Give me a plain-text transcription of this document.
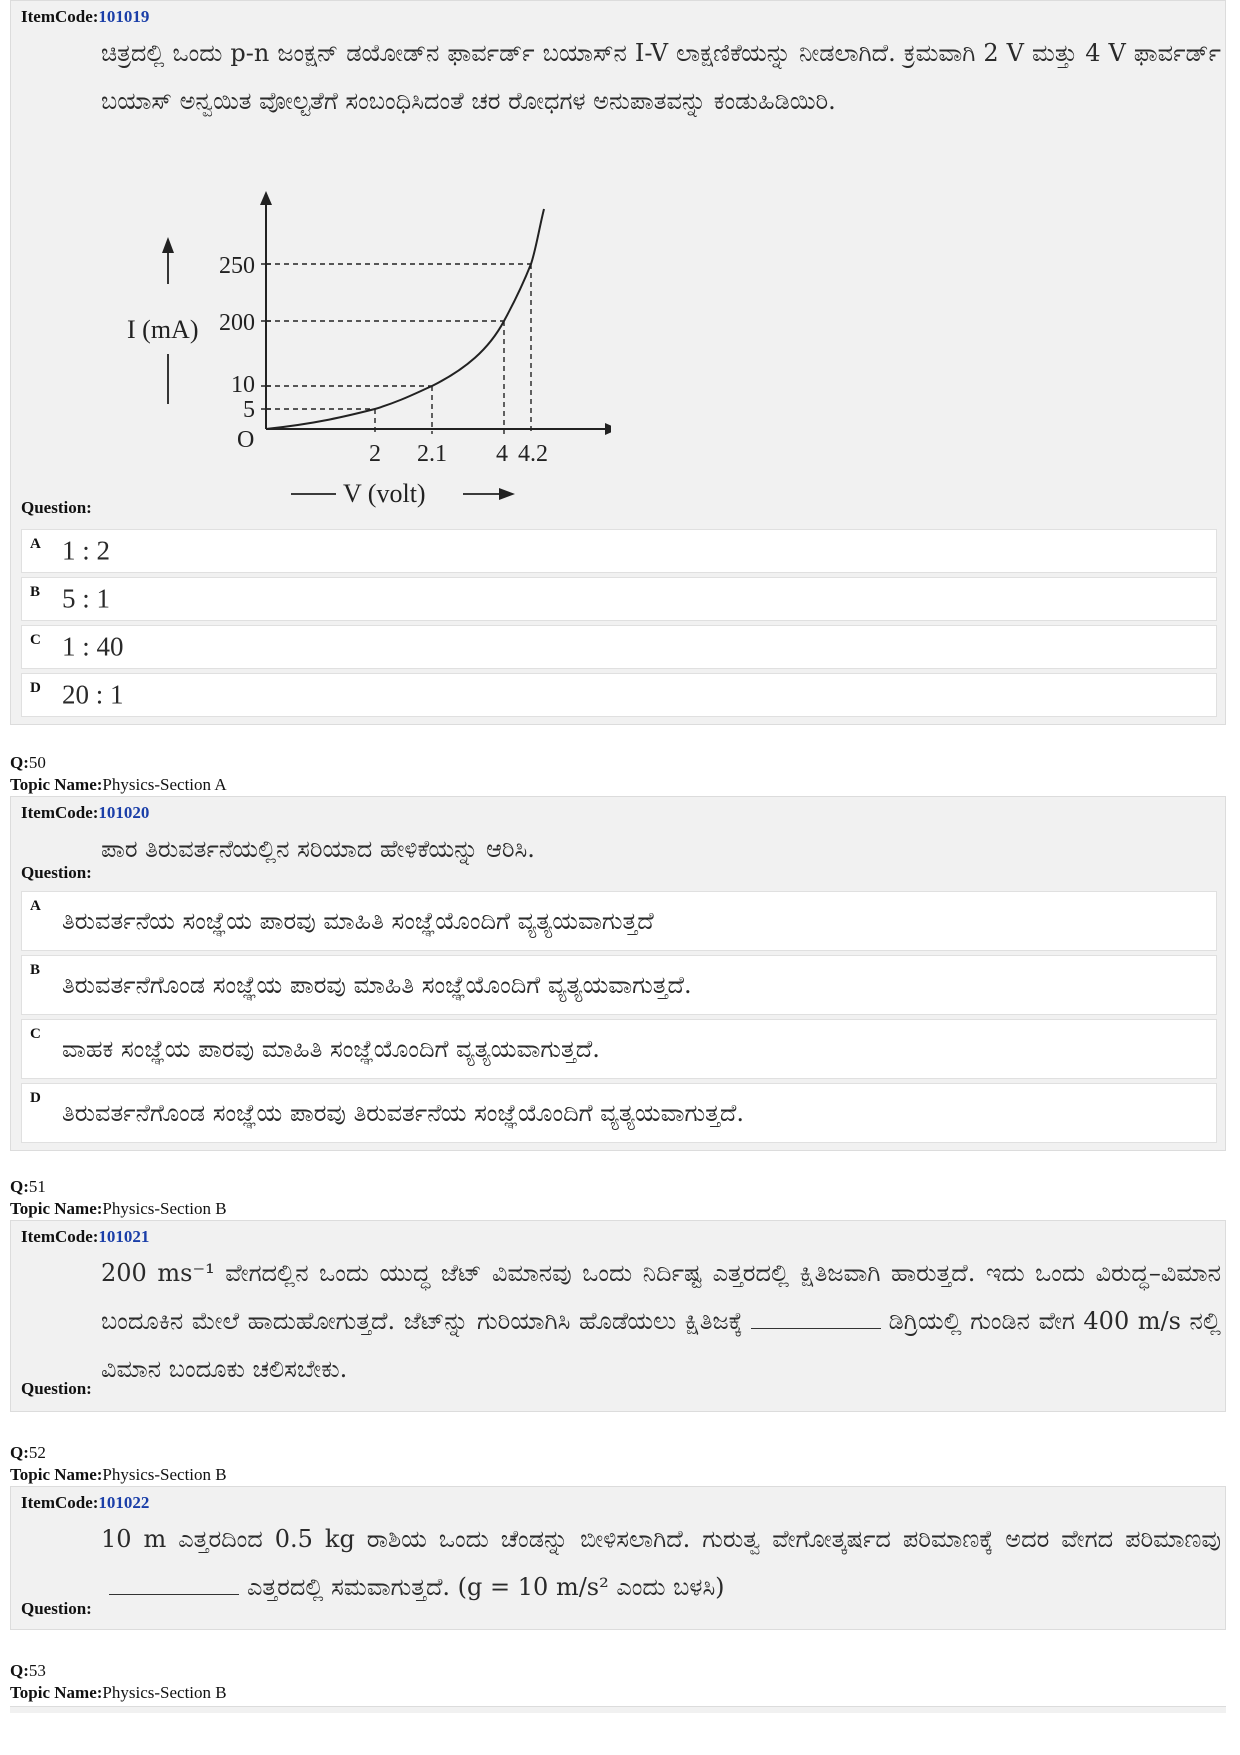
ItemCode:101019
ಚಿತ್ರದಲ್ಲಿ ಒಂದು p-n ಜಂಕ್ಷನ್ ಡಯೋಡ್‌ನ ಫಾರ್ವರ್ಡ್ ಬಯಾಸ್‌ನ I-V ಲಾಕ್ಷಣಿಕೆಯನ್ನು ನೀಡಲಾಗಿದೆ. ಕ್ರಮವಾಗಿ 2 V ಮತ್ತು 4 V ಫಾರ್ವರ್ಡ್ ಬಯಾಸ್ ಅನ್ವಯಿತ ವೋಲ್ಟತೆಗೆ ಸಂಬಂಧಿಸಿದಂತೆ ಚರ ರೋಧಗಳ ಅನುಪಾತವನ್ನು ಕಂಡುಹಿಡಿಯಿರಿ.
250
200
10
5
O
2 2.1 4 4.2
I (mA)
V (volt)
Question:
A 1 : 2
B 5 : 1
C 1 : 40
D 20 : 1
Q:50
Topic Name:Physics-Section A
ItemCode:101020
ಪಾರ ತಿರುವರ್ತನೆಯಲ್ಲಿನ ಸರಿಯಾದ ಹೇಳಿಕೆಯನ್ನು ಆರಿಸಿ.
Question:
A
ತಿರುವರ್ತನೆಯ ಸಂಜ್ಞೆಯ ಪಾರವು ಮಾಹಿತಿ ಸಂಜ್ಞೆಯೊಂದಿಗೆ ವ್ಯತ್ಯಯವಾಗುತ್ತದೆ
B
ತಿರುವರ್ತನೆಗೊಂಡ ಸಂಜ್ಞೆಯ ಪಾರವು ಮಾಹಿತಿ ಸಂಜ್ಞೆಯೊಂದಿಗೆ ವ್ಯತ್ಯಯವಾಗುತ್ತದೆ.
C
ವಾಹಕ ಸಂಜ್ಞೆಯ ಪಾರವು ಮಾಹಿತಿ ಸಂಜ್ಞೆಯೊಂದಿಗೆ ವ್ಯತ್ಯಯವಾಗುತ್ತದೆ.
D
ತಿರುವರ್ತನೆಗೊಂಡ ಸಂಜ್ಞೆಯ ಪಾರವು ತಿರುವರ್ತನೆಯ ಸಂಜ್ಞೆಯೊಂದಿಗೆ ವ್ಯತ್ಯಯವಾಗುತ್ತದೆ.
Q:51
Topic Name:Physics-Section B
ItemCode:101021
200 ms⁻¹ ವೇಗದಲ್ಲಿನ ಒಂದು ಯುದ್ಧ ಜೆಟ್ ವಿಮಾನವು ಒಂದು ನಿರ್ದಿಷ್ಟ ಎತ್ತರದಲ್ಲಿ ಕ್ಷಿತಿಜವಾಗಿ ಹಾರುತ್ತದೆ. ಇದು ಒಂದು ವಿರುದ್ಧ–ವಿಮಾನ ಬಂದೂಕಿನ ಮೇಲೆ ಹಾದುಹೋಗುತ್ತದೆ. ಜೆಟ್‌ನ್ನು ಗುರಿಯಾಗಿಸಿ ಹೊಡೆಯಲು ಕ್ಷಿತಿಜಕ್ಕೆ	ಡಿಗ್ರಿಯಲ್ಲಿ ಗುಂಡಿನ ವೇಗ 400 m/s ನಲ್ಲಿ ವಿಮಾನ ಬಂದೂಕು ಚಲಿಸಬೇಕು.
Question:
Q:52
Topic Name:Physics-Section B
ItemCode:101022
10 m ಎತ್ತರದಿಂದ 0.5 kg ರಾಶಿಯ ಒಂದು ಚೆಂಡನ್ನು ಬೀಳಿಸಲಾಗಿದೆ. ಗುರುತ್ವ ವೇಗೋತ್ಕರ್ಷದ ಪರಿಮಾಣಕ್ಕೆ ಅದರ ವೇಗದ ಪರಿಮಾಣವುಎತ್ತರದಲ್ಲಿ ಸಮವಾಗುತ್ತದೆ. (g = 10 m/s² ಎಂದು ಬಳಸಿ)
Question:
Q:53
Topic Name:Physics-Section B
